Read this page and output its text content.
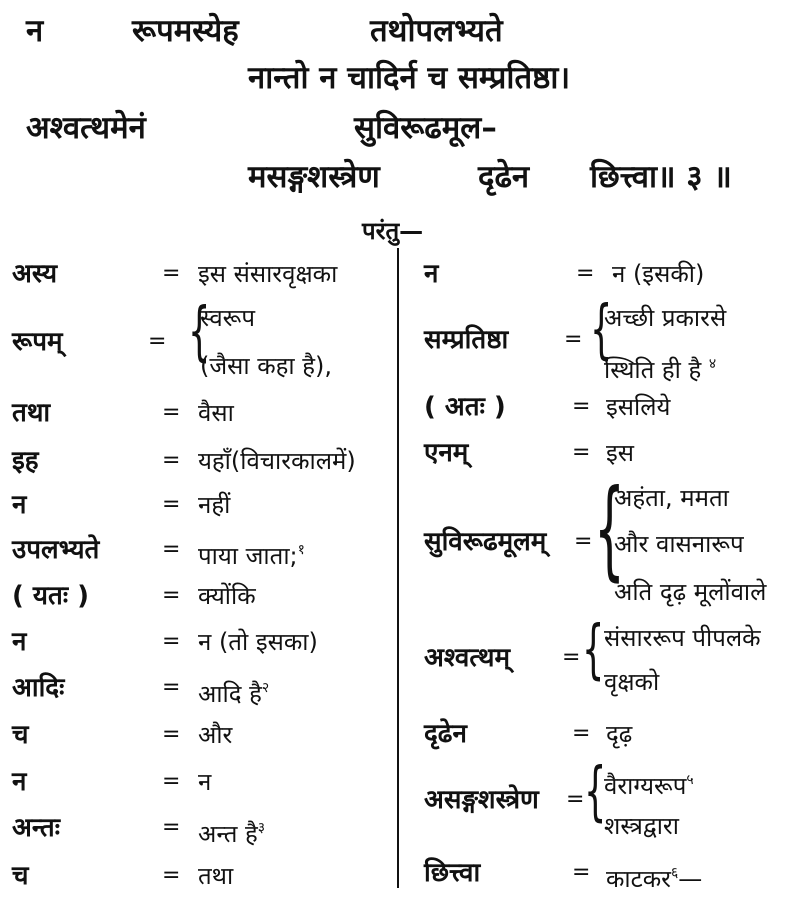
न	रूपमस्येह	तथोपलभ्यते
नान्तो न चादिर्न च सम्प्रतिष्ठा।
अश्वत्थमेनं	सुविरूढमूल–
मसङ्गशस्त्रेण	दृढेन छित्त्वा॥ ३ ॥
परंतु—
अस्य	= इस संसारवृक्षका
रूपम्	= {
स्वरूप
(जैसा कहा है),
तथा	= वैसा
इह	= यहाँ(विचारकालमें)
न	= नहीं
उपलभ्यते	= पाया जाता;$^१$
( यतः )	= क्योंकि
न	= न (तो इसका)
आदिः	= आदि है$^२$
च	= और
न	= न
अन्तः	= अन्त है$^३$
च	= तथा
न	= न (इसकी)
सम्प्रतिष्ठा	= {
अच्छी प्रकारसे
स्थिति ही है $^४$
( अतः )	= इसलिये
एनम्	= इस
सुविरूढमूलम् = {
अहंता, ममता
और वासनारूप
अति दृढ़ मूलोंवाले
अश्वत्थम् = { संसाररूप पीपलके
वृक्षको
दृढेन	= दृढ़
असङ्गशस्त्रेण = {
वैराग्यरूप$^५$
शस्त्रद्वारा
छित्त्वा	= काटकर$^६$—
